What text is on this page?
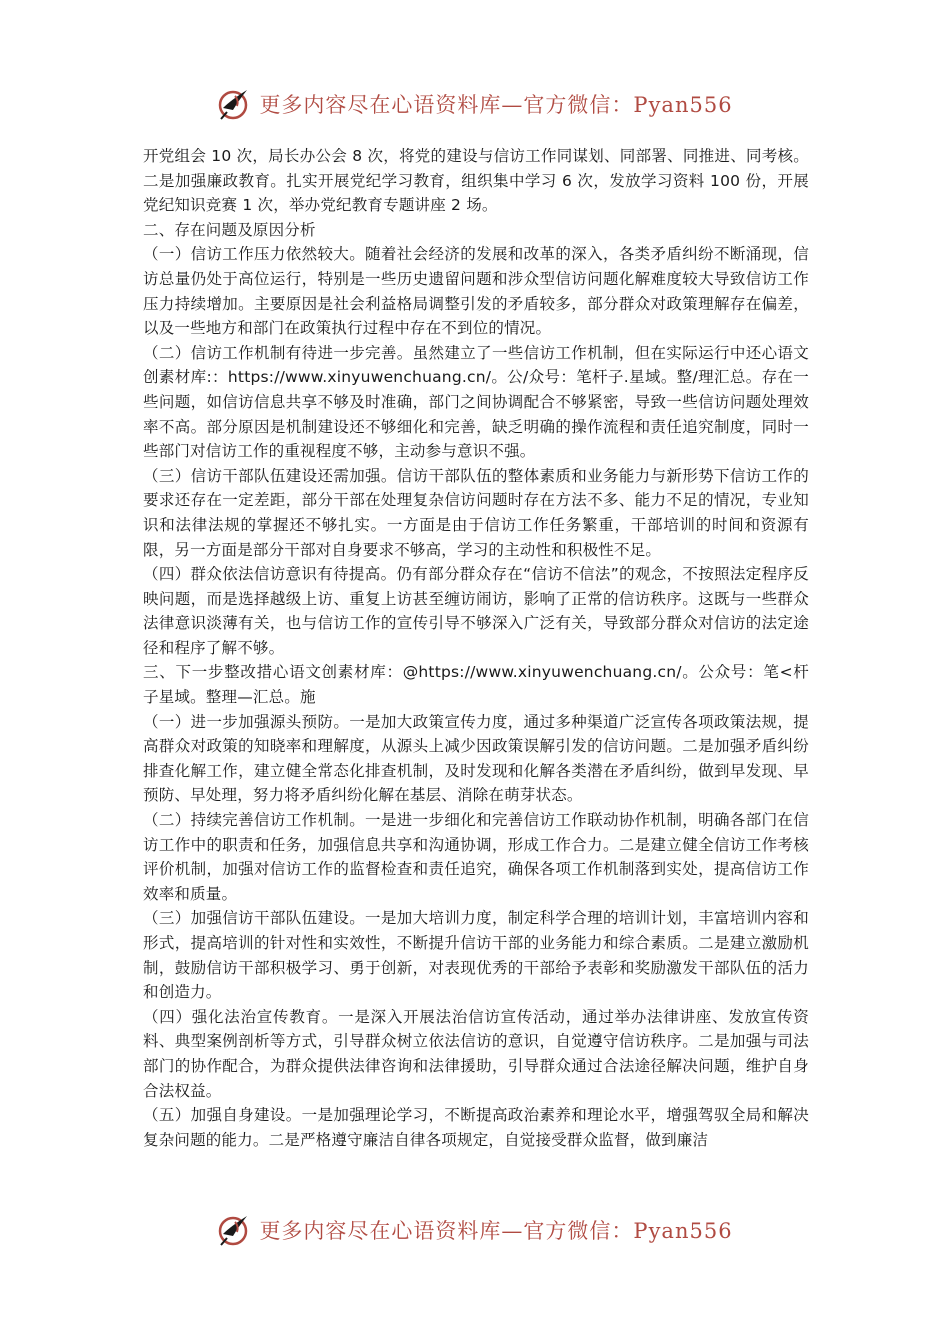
更多内容尽在心语资料库—官方微信：Pyan556

开党组会 10 次，局长办公会 8 次，将党的建设与信访工作同谋划、同部署、同推进、同考核。二是加强廉政教育。扎实开展党纪学习教育，组织集中学习 6 次，发放学习资料 100 份，开展党纪知识竞赛 1 次，举办党纪教育专题讲座 2 场。

二、存在问题及原因分析

（一）信访工作压力依然较大。随着社会经济的发展和改革的深入，各类矛盾纠纷不断涌现，信访总量仍处于高位运行，特别是一些历史遗留问题和涉众型信访问题化解难度较大导致信访工作压力持续增加。主要原因是社会利益格局调整引发的矛盾较多，部分群众对政策理解存在偏差，以及一些地方和部门在政策执行过程中存在不到位的情况。

（二）信访工作机制有待进一步完善。虽然建立了一些信访工作机制，但在实际运行中还心语文创素材库:：https://www.xinyuwenchuang.cn/。公/众号：笔杆子.星域。整/理汇总。存在一些问题，如信访信息共享不够及时准确，部门之间协调配合不够紧密，导致一些信访问题处理效率不高。部分原因是机制建设还不够细化和完善，缺乏明确的操作流程和责任追究制度，同时一些部门对信访工作的重视程度不够，主动参与意识不强。

（三）信访干部队伍建设还需加强。信访干部队伍的整体素质和业务能力与新形势下信访工作的要求还存在一定差距，部分干部在处理复杂信访问题时存在方法不多、能力不足的情况，专业知识和法律法规的掌握还不够扎实。一方面是由于信访工作任务繁重，干部培训的时间和资源有限，另一方面是部分干部对自身要求不够高，学习的主动性和积极性不足。

（四）群众依法信访意识有待提高。仍有部分群众存在“信访不信法”的观念，不按照法定程序反映问题，而是选择越级上访、重复上访甚至缠访闹访，影响了正常的信访秩序。这既与一些群众法律意识淡薄有关，也与信访工作的宣传引导不够深入广泛有关，导致部分群众对信访的法定途径和程序了解不够。

三、下一步整改措心语文创素材库：@https://www.xinyuwenchuang.cn/。公众号：笔<杆子星域。整理—汇总。施

（一）进一步加强源头预防。一是加大政策宣传力度，通过多种渠道广泛宣传各项政策法规，提高群众对政策的知晓率和理解度，从源头上减少因政策误解引发的信访问题。二是加强矛盾纠纷排查化解工作，建立健全常态化排查机制，及时发现和化解各类潜在矛盾纠纷，做到早发现、早预防、早处理，努力将矛盾纠纷化解在基层、消除在萌芽状态。

（二）持续完善信访工作机制。一是进一步细化和完善信访工作联动协作机制，明确各部门在信访工作中的职责和任务，加强信息共享和沟通协调，形成工作合力。二是建立健全信访工作考核评价机制，加强对信访工作的监督检查和责任追究，确保各项工作机制落到实处，提高信访工作效率和质量。

（三）加强信访干部队伍建设。一是加大培训力度，制定科学合理的培训计划，丰富培训内容和形式，提高培训的针对性和实效性，不断提升信访干部的业务能力和综合素质。二是建立激励机制，鼓励信访干部积极学习、勇于创新，对表现优秀的干部给予表彰和奖励激发干部队伍的活力和创造力。

（四）强化法治宣传教育。一是深入开展法治信访宣传活动，通过举办法律讲座、发放宣传资料、典型案例剖析等方式，引导群众树立依法信访的意识，自觉遵守信访秩序。二是加强与司法部门的协作配合，为群众提供法律咨询和法律援助，引导群众通过合法途径解决问题，维护自身合法权益。

（五）加强自身建设。一是加强理论学习，不断提高政治素养和理论水平，增强驾驭全局和解决复杂问题的能力。二是严格遵守廉洁自律各项规定，自觉接受群众监督，做到廉洁

更多内容尽在心语资料库—官方微信：Pyan556
